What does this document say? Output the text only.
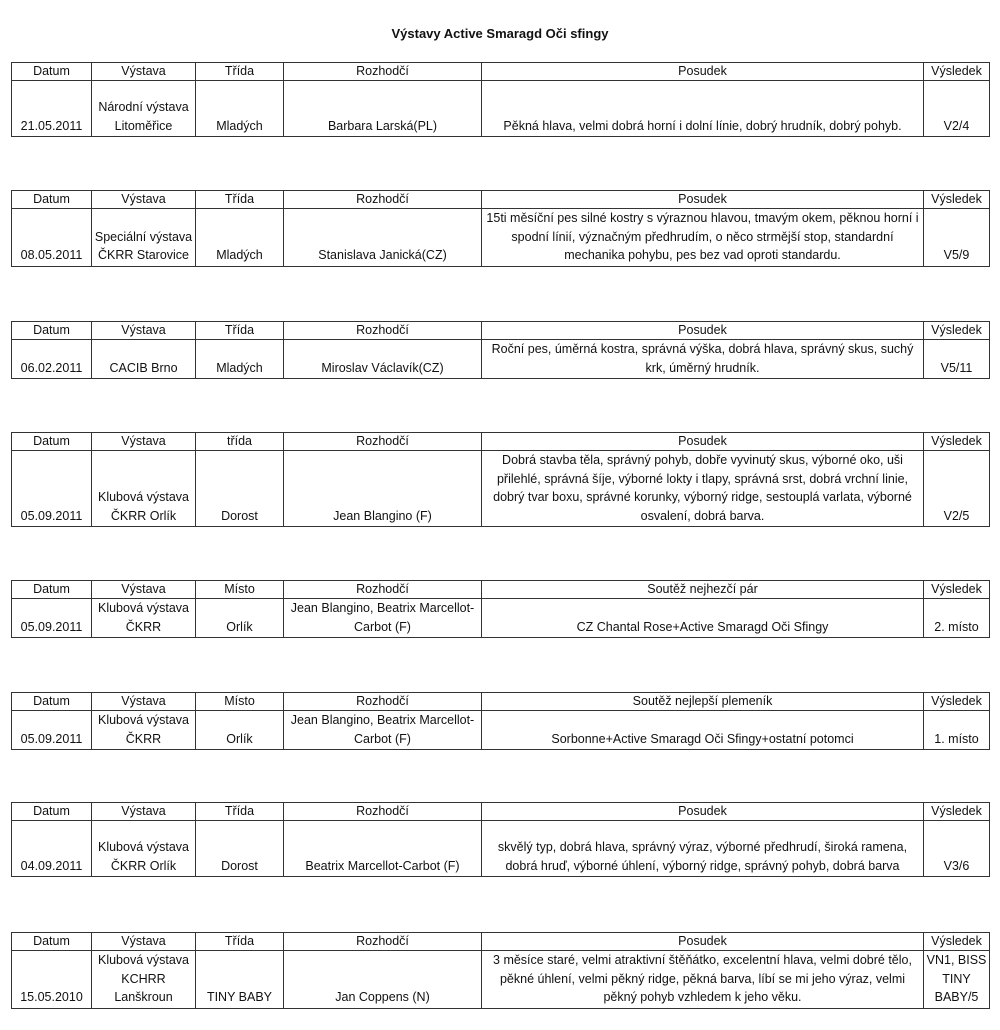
Výstavy Active Smaragd Oči sfingy
Datum	Výstava	Třída	Rozhodčí	Posudek	Výsledek
21.05.2011	Národní výstava Litoměřice	Mladých	Barbara Larská(PL)	Pěkná hlava, velmi dobrá horní i dolní línie, dobrý hrudník, dobrý pohyb.	V2/4
Datum	Výstava	Třída	Rozhodčí	Posudek	Výsledek
08.05.2011	Speciální výstava ČKRR Starovice	Mladých	Stanislava Janická(CZ)	15ti měsíční pes silné kostry s výraznou hlavou, tmavým okem, pěknou horní i spodní línií, význačným předhrudím, o něco strmější stop, standardní mechanika pohybu, pes bez vad oproti standardu.	V5/9
Datum	Výstava	Třída	Rozhodčí	Posudek	Výsledek
06.02.2011	CACIB Brno	Mladých	Miroslav Václavík(CZ)	Roční pes, úměrná kostra, správná výška, dobrá hlava, správný skus, suchý krk, úměrný hrudník.	V5/11
Datum	Výstava	třída	Rozhodčí	Posudek	Výsledek
05.09.2011	Klubová výstava ČKRR Orlík	Dorost	Jean Blangino (F)	Dobrá stavba těla, správný pohyb, dobře vyvinutý skus, výborné oko, uši přilehlé, správná šíje, výborné lokty i tlapy, správná srst, dobrá vrchní linie, dobrý tvar boxu, správné korunky, výborný ridge, sestouplá varlata, výborné osvalení, dobrá barva.	V2/5
Datum	Výstava	Místo	Rozhodčí	Soutěž nejhezčí pár	Výsledek
05.09.2011	Klubová výstava ČKRR	Orlík	Jean Blangino, Beatrix Marcellot-Carbot (F)	CZ Chantal Rose+Active Smaragd Oči Sfingy	2. místo
Datum	Výstava	Místo	Rozhodčí	Soutěž nejlepší plemeník	Výsledek
05.09.2011	Klubová výstava ČKRR	Orlík	Jean Blangino, Beatrix Marcellot-Carbot (F)	Sorbonne+Active Smaragd Oči Sfingy+ostatní potomci	1. místo
Datum	Výstava	Třída	Rozhodčí	Posudek	Výsledek
04.09.2011	Klubová výstava ČKRR Orlík	Dorost	Beatrix Marcellot-Carbot (F)	skvělý typ, dobrá hlava, správný výraz, výborné předhrudí, široká ramena, dobrá hruď, výborné úhlení, výborný ridge, správný pohyb, dobrá barva	V3/6
Datum	Výstava	Třída	Rozhodčí	Posudek	Výsledek
15.05.2010	Klubová výstava KCHRR Lanškroun	TINY BABY	Jan Coppens (N)	3 měsíce staré, velmi atraktivní štěňátko, excelentní hlava, velmi dobré tělo, pěkné úhlení, velmi pěkný ridge, pěkná barva, líbí se mi jeho výraz, velmi pěkný pohyb vzhledem k jeho věku.	VN1, BISS TINY BABY/5
